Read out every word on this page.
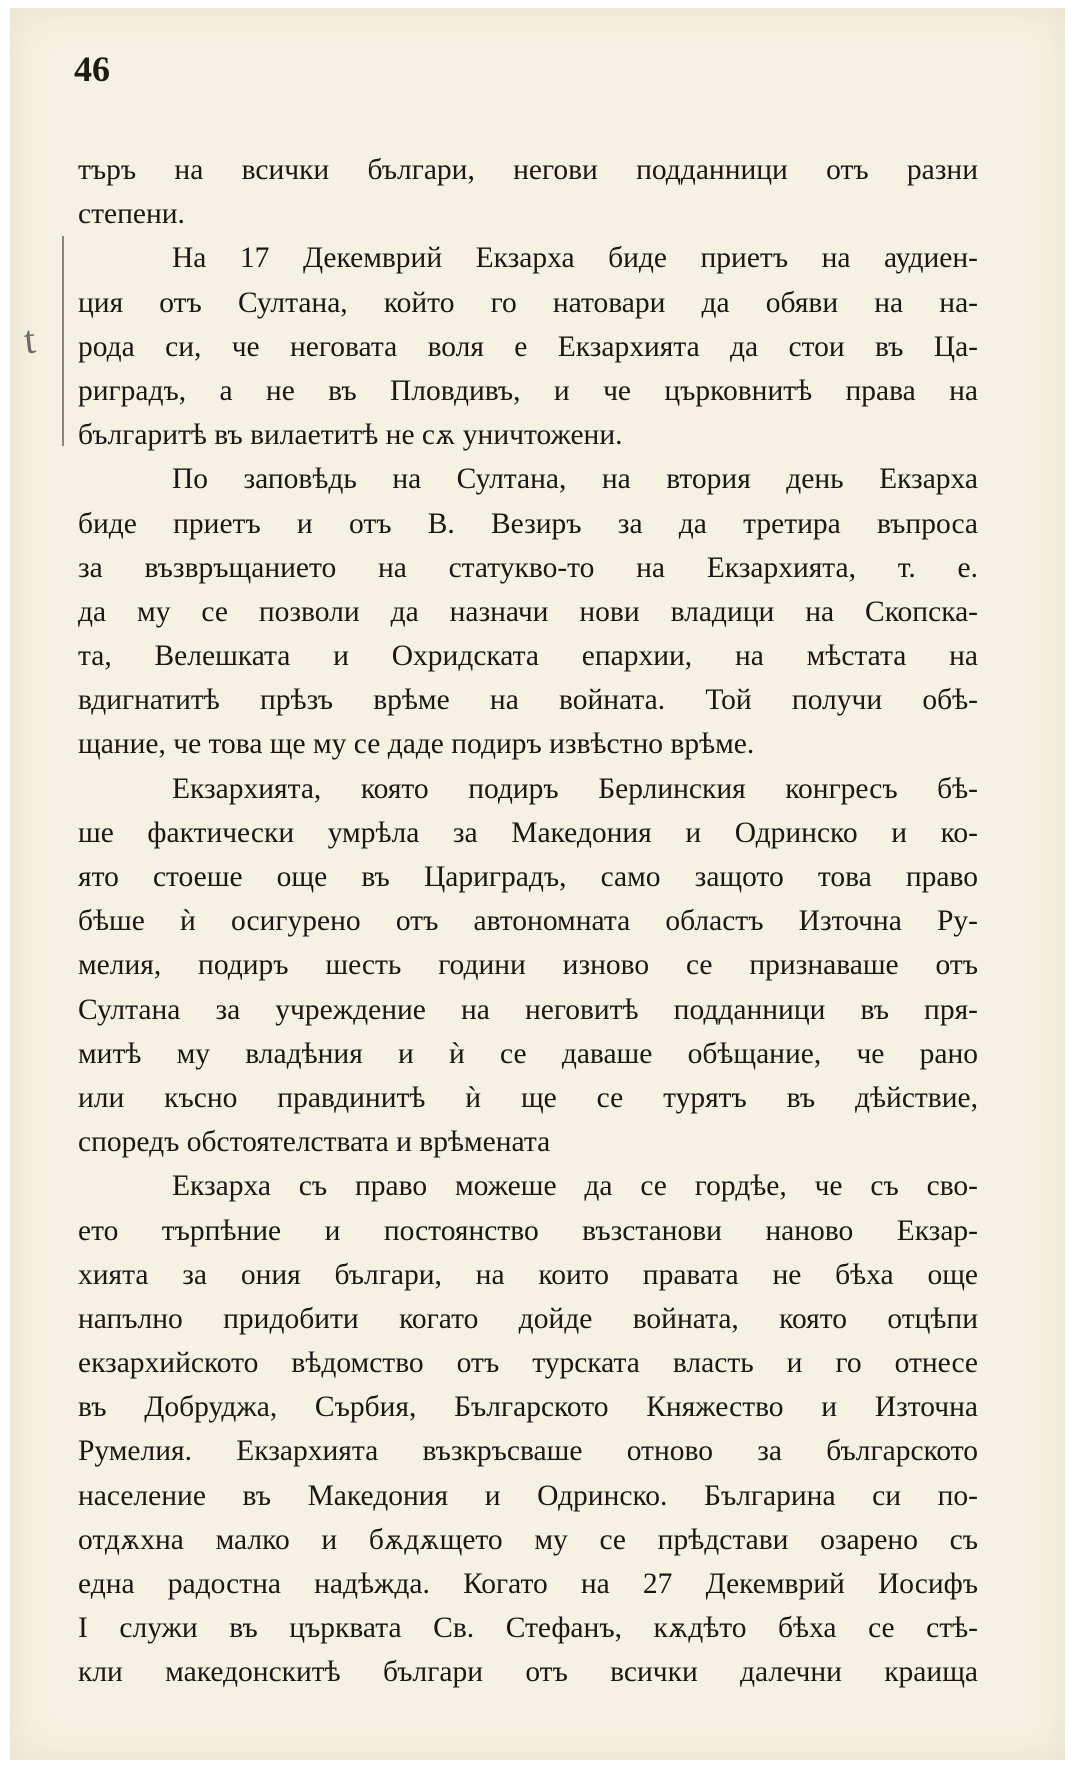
46
t
търъ на всички българи, негови подданници отъ разни
степени.
На 17 Декемврий Екзарха биде приетъ на аудиен-
ция отъ Султана, който го натовари да обяви на на-
рода си, че неговата воля е Екзархията да стои въ Ца-
риградъ, а не въ Пловдивъ, и че църковнитѣ права на
българитѣ въ вилаетитѣ не сѫ уничтожени.
По заповѣдь на Султана, на втория день Екзарха
биде приетъ и отъ В. Везиръ за да третира въпроса
за възвръщанието на статукво-то на Екзархията, т. е.
да му се позволи да назначи нови владици на Скопска-
та, Велешката и Охридската епархии, на мѣстата на
вдигнатитѣ прѣзъ врѣме на войната. Той получи обѣ-
щание, че това ще му се даде подиръ извѣстно врѣме.
Екзархията, която подиръ Берлинския конгресъ бѣ-
ше фактически умрѣла за Македония и Одринско и ко-
ято стоеше още въ Цариградъ, само защото това право
бѣше ѝ осигурено отъ автономната областъ Източна Ру-
мелия, подиръ шесть години изново се признаваше отъ
Султана за учреждение на неговитѣ подданници въ пря-
митѣ му владѣния и ѝ се даваше обѣщание, че рано
или късно правдинитѣ ѝ ще се турятъ въ дѣйствие,
споредъ обстоятелствата и врѣмената
Екзарха съ право можеше да се гордѣе, че съ сво-
ето търпѣние и постоянство възстанови наново Екзар-
хията за ония българи, на които правата не бѣха още
напълно придобити когато дойде войната, която отцѣпи
екзархийското вѣдомство отъ турската власть и го отнесе
въ Добруджа, Сърбия, Българското Княжество и Източна
Румелия. Екзархията възкръсваше отново за българското
население въ Македония и Одринско. Българина си по-
отдѫхна малко и бѫдѫщето му се прѣдстави озарено съ
една радостна надѣжда. Когато на 27 Декемврий Иосифъ
I служи въ църквата Св. Стефанъ, кѫдѣто бѣха се стѣ-
кли македонскитѣ българи отъ всички далечни краища
